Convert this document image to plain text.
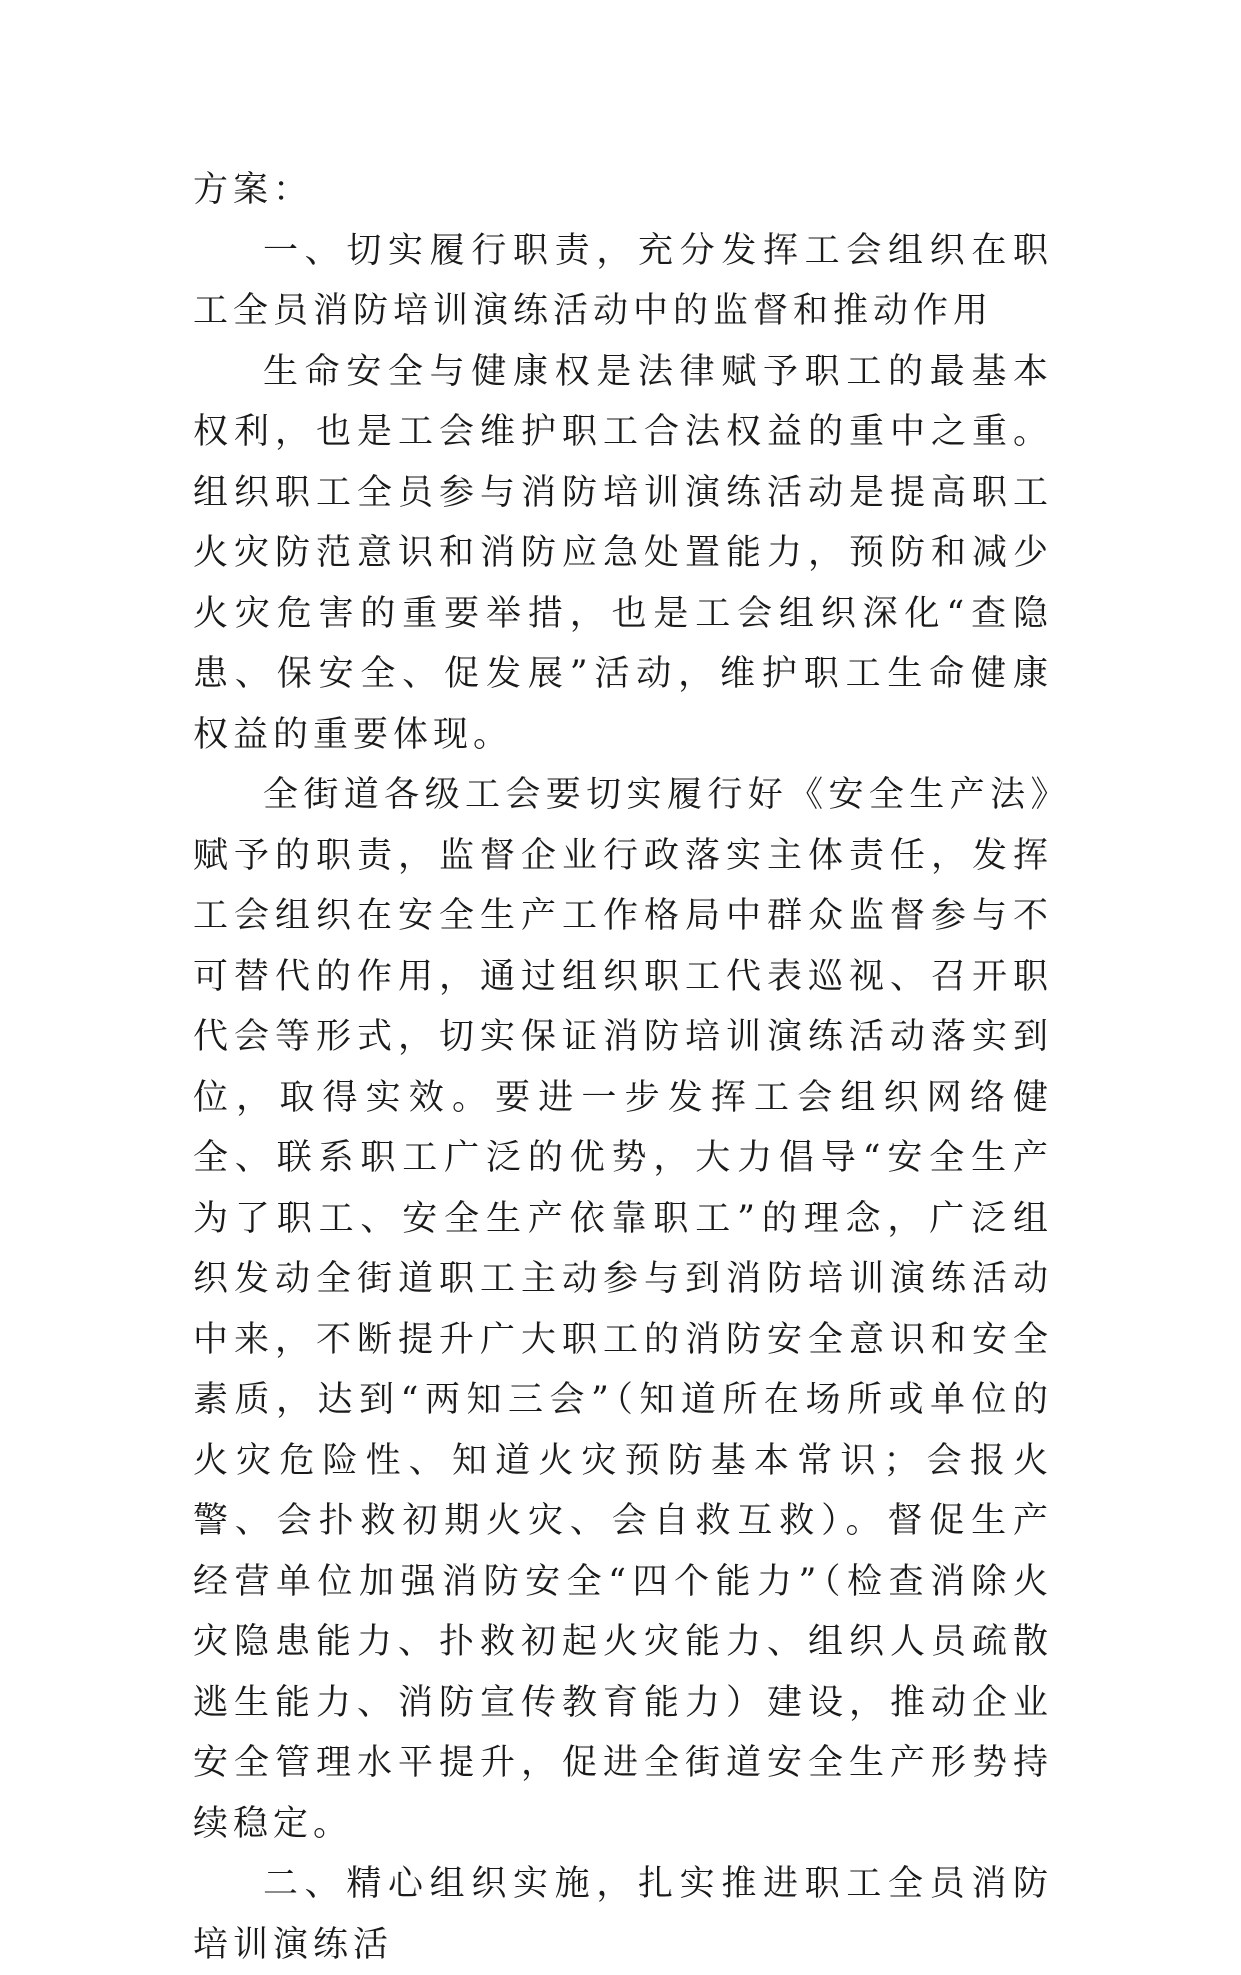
方案：

一、切实履行职责，充分发挥工会组织在职工全员消防培训演练活动中的监督和推动作用

生命安全与健康权是法律赋予职工的最基本权利，也是工会维护职工合法权益的重中之重。组织职工全员参与消防培训演练活动是提高职工火灾防范意识和消防应急处置能力，预防和减少火灾危害的重要举措，也是工会组织深化“查隐患、保安全、促发展”活动，维护职工生命健康权益的重要体现。

全街道各级工会要切实履行好《安全生产法》赋予的职责，监督企业行政落实主体责任，发挥工会组织在安全生产工作格局中群众监督参与不可替代的作用，通过组织职工代表巡视、召开职代会等形式，切实保证消防培训演练活动落实到位，取得实效。要进一步发挥工会组织网络健全、联系职工广泛的优势，大力倡导“安全生产为了职工、安全生产依靠职工”的理念，广泛组织发动全街道职工主动参与到消防培训演练活动中来，不断提升广大职工的消防安全意识和安全素质，达到“两知三会”（知道所在场所或单位的火灾危险性、知道火灾预防基本常识；会报火警、会扑救初期火灾、会自救互救）。督促生产经营单位加强消防安全“四个能力”（检查消除火灾隐患能力、扑救初起火灾能力、组织人员疏散逃生能力、消防宣传教育能力）建设，推动企业安全管理水平提升，促进全街道安全生产形势持续稳定。

二、精心组织实施，扎实推进职工全员消防培训演练活
